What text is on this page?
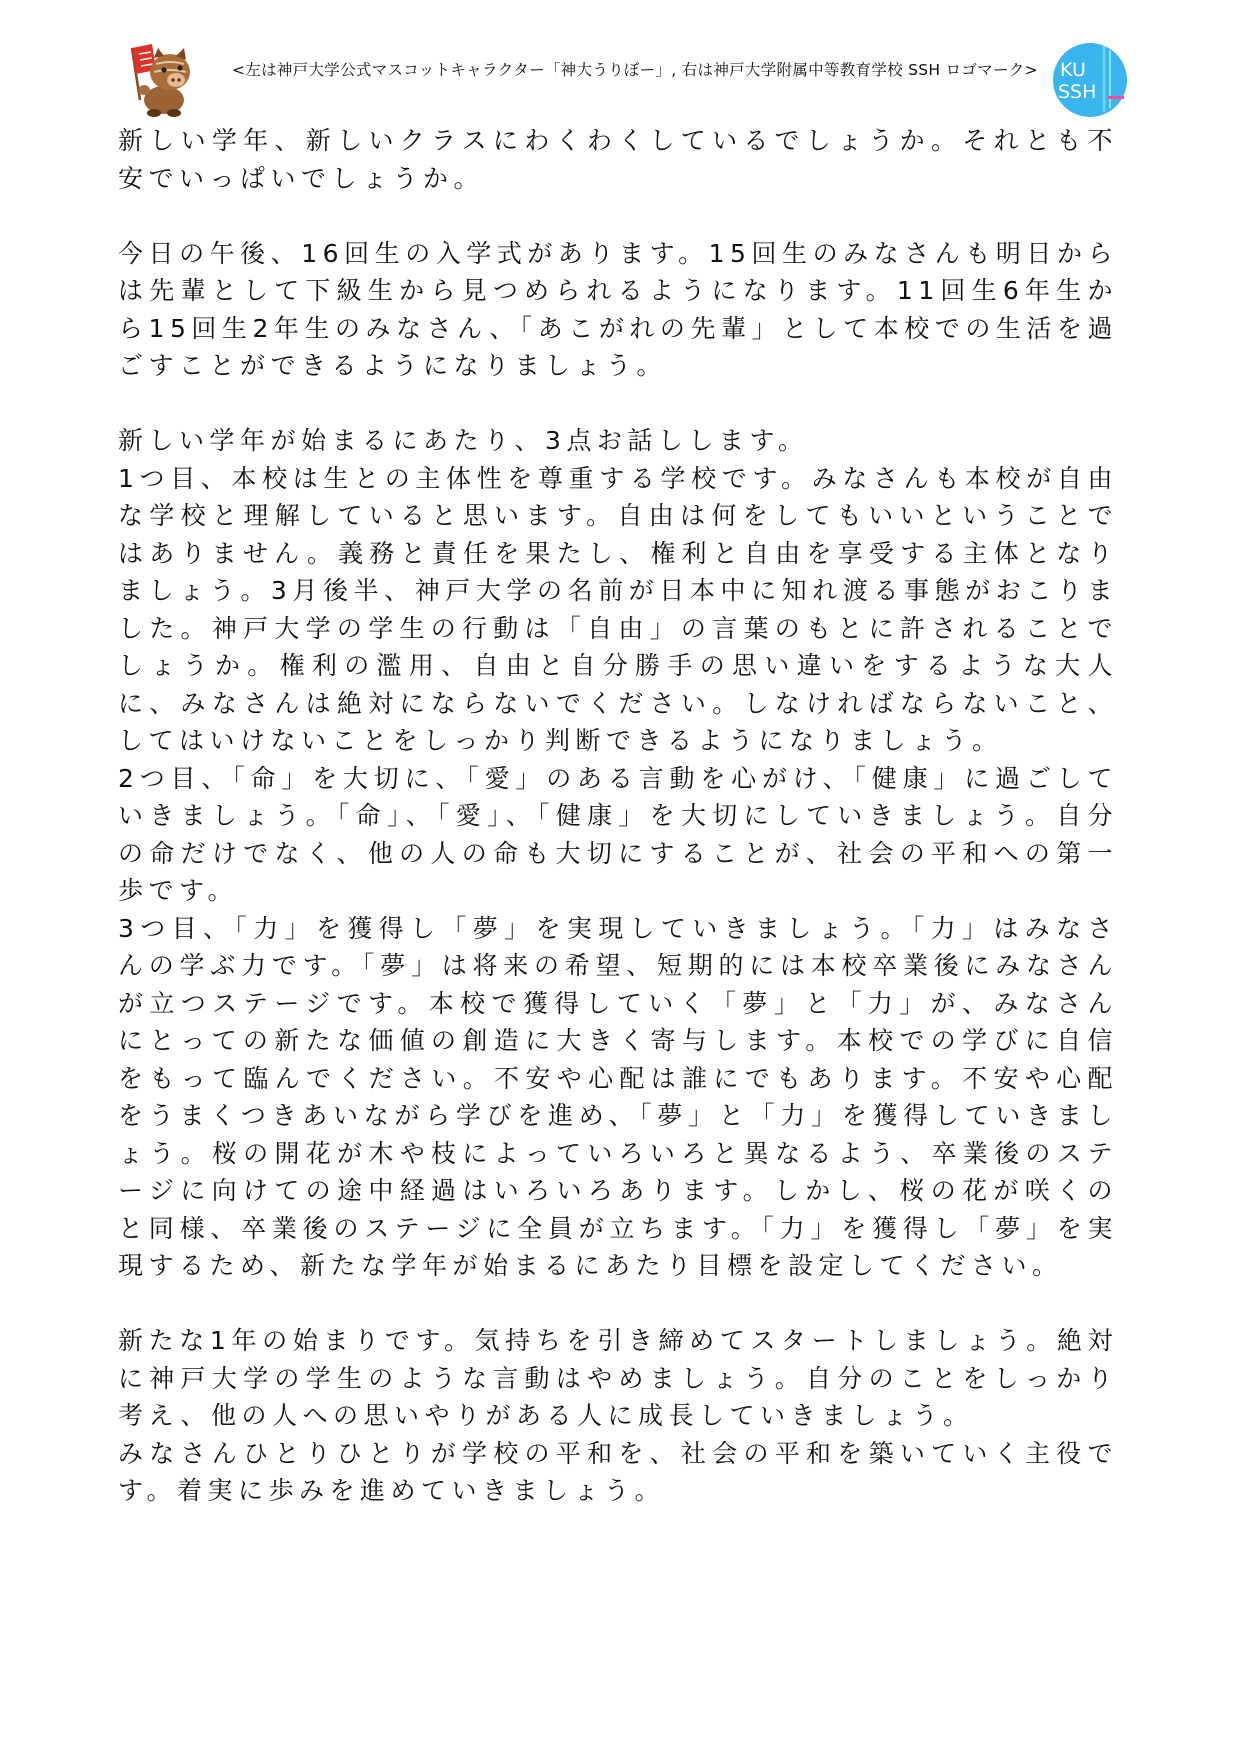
<左は神戸大学公式マスコットキャラクター「神大うりぼー」, 右は神戸大学附属中等教育学校 SSH ロゴマーク> KU
SSH

新しい学年、新しいクラスにわくわくしているでしょうか。それとも不安でいっぱいでしょうか。

今日の午後、16回生の入学式があります。15回生のみなさんも明日からは先輩として下級生から見つめられるようになります。11回生6年生から15回生2年生のみなさん、「あこがれの先輩」として本校での生活を過ごすことができるようになりましょう。

新しい学年が始まるにあたり、3点お話しします。

1つ目、本校は生との主体性を尊重する学校です。みなさんも本校が自由な学校と理解していると思います。自由は何をしてもいいということではありません。義務と責任を果たし、権利と自由を享受する主体となりましょう。3月後半、神戸大学の名前が日本中に知れ渡る事態がおこりました。神戸大学の学生の行動は「自由」の言葉のもとに許されることでしょうか。権利の濫用、自由と自分勝手の思い違いをするような大人に、みなさんは絶対にならないでください。しなければならないこと、してはいけないことをしっかり判断できるようになりましょう。

2つ目、「命」を大切に、「愛」のある言動を心がけ、「健康」に過ごしていきましょう。「命」、「愛」、「健康」を大切にしていきましょう。自分の命だけでなく、他の人の命も大切にすることが、社会の平和への第一歩です。

3つ目、「力」を獲得し「夢」を実現していきましょう。「力」はみなさんの学ぶ力です。「夢」は将来の希望、短期的には本校卒業後にみなさんが立つステージです。本校で獲得していく「夢」と「力」が、みなさんにとっての新たな価値の創造に大きく寄与します。本校での学びに自信をもって臨んでください。不安や心配は誰にでもあります。不安や心配をうまくつきあいながら学びを進め、「夢」と「力」を獲得していきましょう。桜の開花が木や枝によっていろいろと異なるよう、卒業後のステージに向けての途中経過はいろいろあります。しかし、桜の花が咲くのと同様、卒業後のステージに全員が立ちます。「力」を獲得し「夢」を実現するため、新たな学年が始まるにあたり目標を設定してください。

新たな1年の始まりです。気持ちを引き締めてスタートしましょう。絶対に神戸大学の学生のような言動はやめましょう。自分のことをしっかり考え、他の人への思いやりがある人に成長していきましょう。

みなさんひとりひとりが学校の平和を、社会の平和を築いていく主役です。着実に歩みを進めていきましょう。
